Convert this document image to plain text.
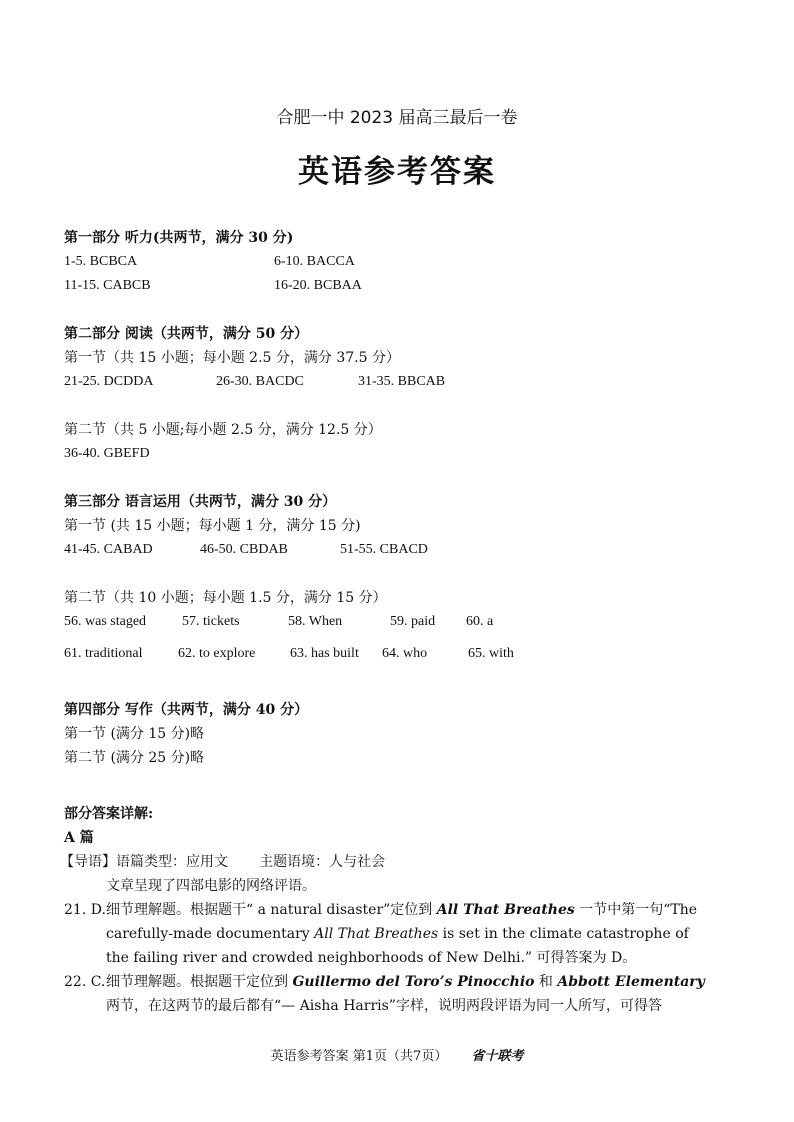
合肥一中 2023 届高三最后一卷
英语参考答案
第一部分 听力(共两节，满分 30 分)
1-5. BCBCA	6-10. BACCA
11-15. CABCB	16-20. BCBAA
第二部分 阅读（共两节，满分 50 分）
第一节（共 15 小题；每小题 2.5 分，满分 37.5 分）
21-25. DCDDA	26-30. BACDC	31-35. BBCAB
第二节（共 5 小题;每小题 2.5 分，满分 12.5 分）
36-40. GBEFD
第三部分 语言运用（共两节，满分 30 分）
第一节 (共 15 小题；每小题 1 分，满分 15 分)
41-45. CABAD	46-50. CBDAB	51-55. CBACD
第二节（共 10 小题；每小题 1.5 分，满分 15 分）
56. was staged	57. tickets	58. When	59. paid 60. a
61. traditional	62. to explore 63. has built 64. who	65. with
第四部分 写作（共两节，满分 40 分）
第一节 (满分 15 分)略
第二节 (满分 25 分)略
部分答案详解:
A 篇
【导语】语篇类型：应用文       主题语境：人与社会
文章呈现了四部电影的网络评语。
21. D. 细节理解题。根据题干“ a natural disaster”定位到 All That Breathes 一节中第一句“The carefully-made documentary All That Breathes is set in the climate catastrophe of the failing river and crowded neighborhoods of New Delhi.” 可得答案为 D。
22. C. 细节理解题。根据题干定位到 Guillermo del Toro’s Pinocchio 和 Abbott Elementary 两节，在这两节的最后都有“— Aisha Harris”字样，说明两段评语为同一人所写，可得答
英语参考答案 第1页（共7页） 省十联考
